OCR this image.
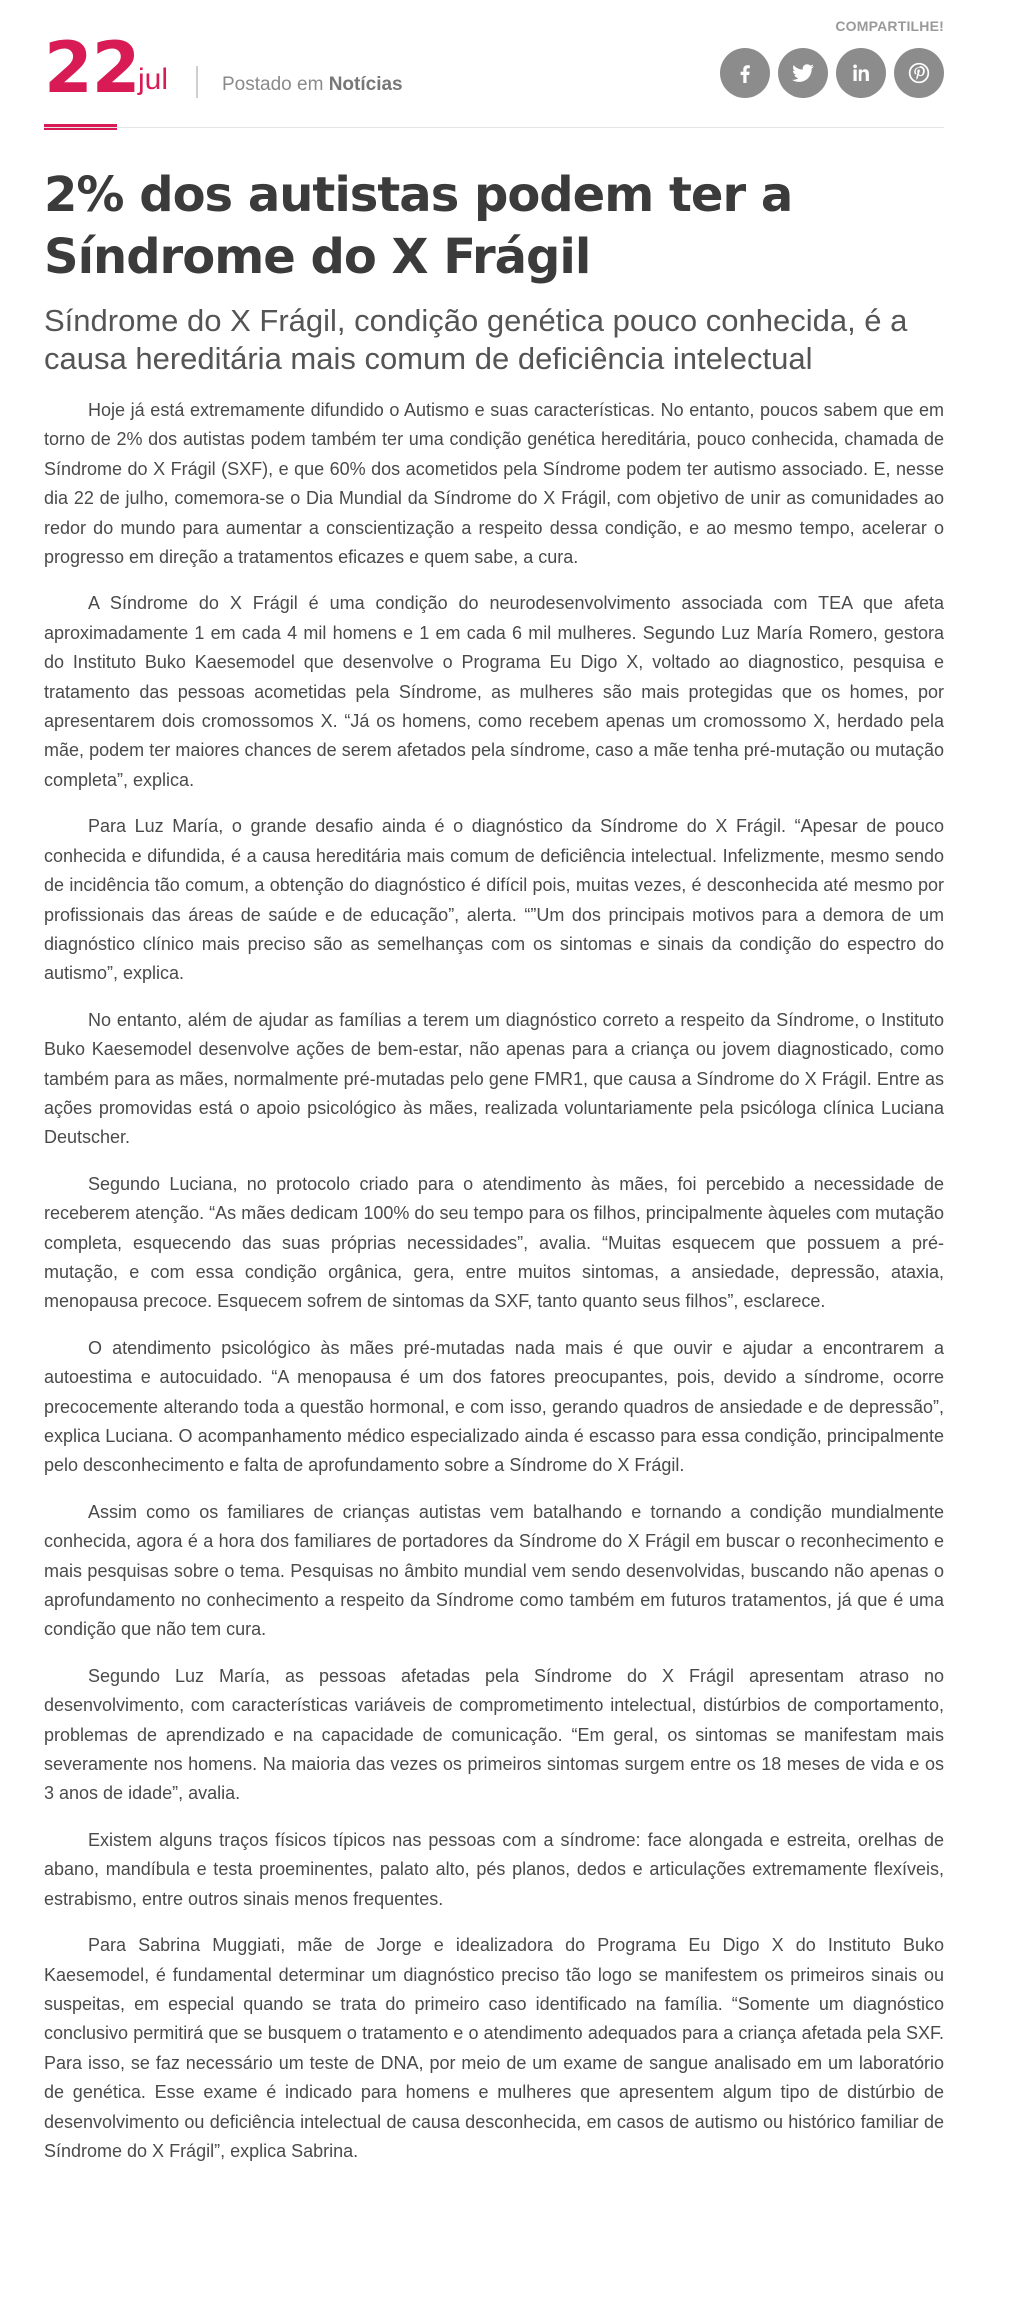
22
jul	Postado em Notícias
COMPARTILHE!
2% dos autistas podem ter a Síndrome do X Frágil
Síndrome do X Frágil, condição genética pouco conhecida, é a causa hereditária mais comum de deficiência intelectual

Hoje já está extremamente difundido o Autismo e suas características. No entanto, poucos sabem que em torno de 2% dos autistas podem também ter uma condição genética hereditária, pouco conhecida, chamada de Síndrome do X Frágil (SXF), e que 60% dos acometidos pela Síndrome podem ter autismo associado. E, nesse dia 22 de julho, comemora-se o Dia Mundial da Síndrome do X Frágil, com objetivo de unir as comunidades ao redor do mundo para aumentar a conscientização a respeito dessa condição, e ao mesmo tempo, acelerar o progresso em direção a tratamentos eficazes e quem sabe, a cura.

A Síndrome do X Frágil é uma condição do neurodesenvolvimento associada com TEA que afeta aproximadamente 1 em cada 4 mil homens e 1 em cada 6 mil mulheres. Segundo Luz María Romero, gestora do Instituto Buko Kaesemodel que desenvolve o Programa Eu Digo X, voltado ao diagnostico, pesquisa e tratamento das pessoas acometidas pela Síndrome, as mulheres são mais protegidas que os homes, por apresentarem dois cromossomos X. “Já os homens, como recebem apenas um cromossomo X, herdado pela mãe, podem ter maiores chances de serem afetados pela síndrome, caso a mãe tenha pré-mutação ou mutação completa”, explica.

Para Luz María, o grande desafio ainda é o diagnóstico da Síndrome do X Frágil. “Apesar de pouco conhecida e difundida, é a causa hereditária mais comum de deficiência intelectual. Infelizmente, mesmo sendo de incidência tão comum, a obtenção do diagnóstico é difícil pois, muitas vezes, é desconhecida até mesmo por profissionais das áreas de saúde e de educação”, alerta. “”Um dos principais motivos para a demora de um diagnóstico clínico mais preciso são as semelhanças com os sintomas e sinais da condição do espectro do autismo”, explica.

No entanto, além de ajudar as famílias a terem um diagnóstico correto a respeito da Síndrome, o Instituto Buko Kaesemodel desenvolve ações de bem-estar, não apenas para a criança ou jovem diagnosticado, como também para as mães, normalmente pré-mutadas pelo gene FMR1, que causa a Síndrome do X Frágil. Entre as ações promovidas está o apoio psicológico às mães, realizada voluntariamente pela psicóloga clínica Luciana Deutscher.

Segundo Luciana, no protocolo criado para o atendimento às mães, foi percebido a necessidade de receberem atenção. “As mães dedicam 100% do seu tempo para os filhos, principalmente àqueles com mutação completa, esquecendo das suas próprias necessidades”, avalia. “Muitas esquecem que possuem a pré-mutação, e com essa condição orgânica, gera, entre muitos sintomas, a ansiedade, depressão, ataxia, menopausa precoce. Esquecem sofrem de sintomas da SXF, tanto quanto seus filhos”, esclarece.

O atendimento psicológico às mães pré-mutadas nada mais é que ouvir e ajudar a encontrarem a autoestima e autocuidado. “A menopausa é um dos fatores preocupantes, pois, devido a síndrome, ocorre precocemente alterando toda a questão hormonal, e com isso, gerando quadros de ansiedade e de depressão”, explica Luciana. O acompanhamento médico especializado ainda é escasso para essa condição, principalmente pelo desconhecimento e falta de aprofundamento sobre a Síndrome do X Frágil.

Assim como os familiares de crianças autistas vem batalhando e tornando a condição mundialmente conhecida, agora é a hora dos familiares de portadores da Síndrome do X Frágil em buscar o reconhecimento e mais pesquisas sobre o tema. Pesquisas no âmbito mundial vem sendo desenvolvidas, buscando não apenas o aprofundamento no conhecimento a respeito da Síndrome como também em futuros tratamentos, já que é uma condição que não tem cura.

Segundo Luz María, as pessoas afetadas pela Síndrome do X Frágil apresentam atraso no desenvolvimento, com características variáveis de comprometimento intelectual, distúrbios de comportamento, problemas de aprendizado e na capacidade de comunicação. “Em geral, os sintomas se manifestam mais severamente nos homens. Na maioria das vezes os primeiros sintomas surgem entre os 18 meses de vida e os 3 anos de idade”, avalia.

Existem alguns traços físicos típicos nas pessoas com a síndrome: face alongada e estreita, orelhas de abano, mandíbula e testa proeminentes, palato alto, pés planos, dedos e articulações extremamente flexíveis, estrabismo, entre outros sinais menos frequentes.

Para Sabrina Muggiati, mãe de Jorge e idealizadora do Programa Eu Digo X do Instituto Buko Kaesemodel, é fundamental determinar um diagnóstico preciso tão logo se manifestem os primeiros sinais ou suspeitas, em especial quando se trata do primeiro caso identificado na família. “Somente um diagnóstico conclusivo permitirá que se busquem o tratamento e o atendimento adequados para a criança afetada pela SXF. Para isso, se faz necessário um teste de DNA, por meio de um exame de sangue analisado em um laboratório de genética. Esse exame é indicado para homens e mulheres que apresentem algum tipo de distúrbio de desenvolvimento ou deficiência intelectual de causa desconhecida, em casos de autismo ou histórico familiar de Síndrome do X Frágil”, explica Sabrina.
